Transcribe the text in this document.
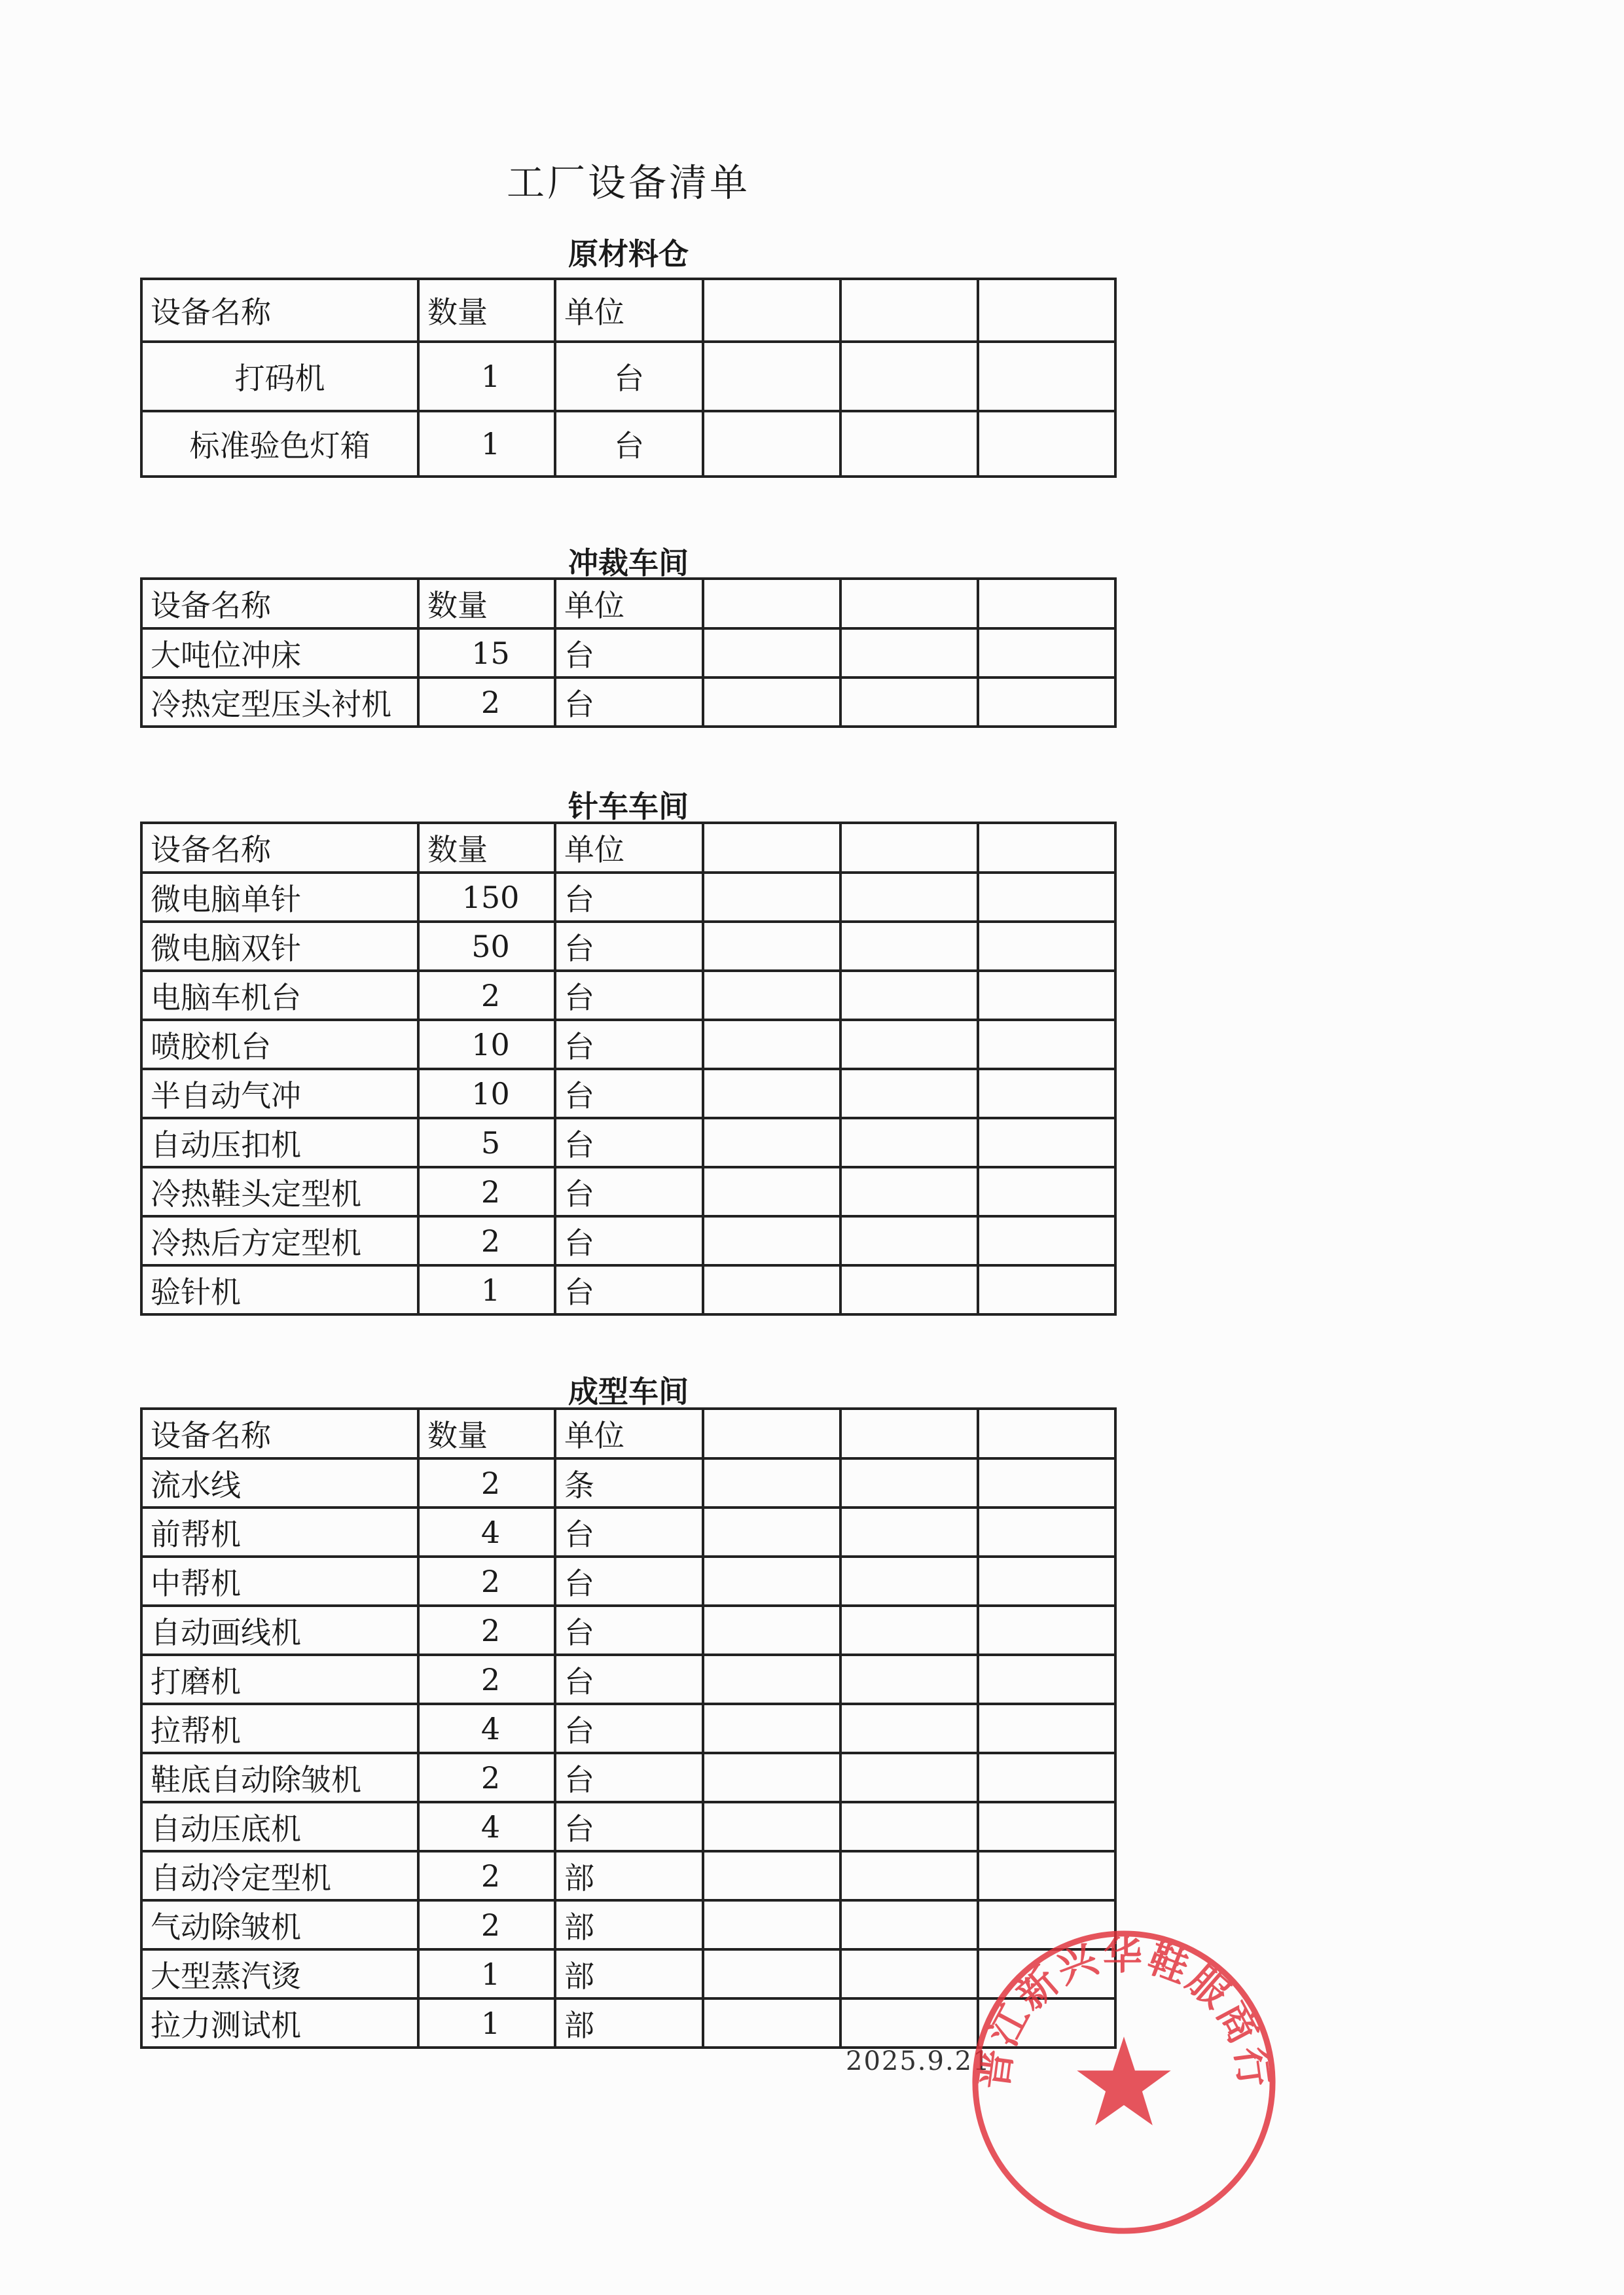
工厂设备清单
原材料仓
设备名称	数量	单位			
打码机	1	台			
标准验色灯箱	1	台			
冲裁车间
设备名称	数量	单位			
大吨位冲床	15	台			
冷热定型压头衬机	2	台			
针车车间
设备名称	数量	单位			
微电脑单针	150	台			
微电脑双针	50	台			
电脑车机台	2	台			
喷胶机台	10	台			
半自动气冲	10	台			
自动压扣机	5	台			
冷热鞋头定型机	2	台			
冷热后方定型机	2	台			
验针机	1	台			
成型车间
设备名称	数量	单位			
流水线	2	条			
前帮机	4	台			
中帮机	2	台			
自动画线机	2	台			
打磨机	2	台			
拉帮机	4	台			
鞋底自动除皱机	2	台			
自动压底机	4	台			
自动冷定型机	2	部			
气动除皱机	2	部			
大型蒸汽烫	1	部			
拉力测试机	1	部			
2025.9.21
晋江新兴华鞋服商行
